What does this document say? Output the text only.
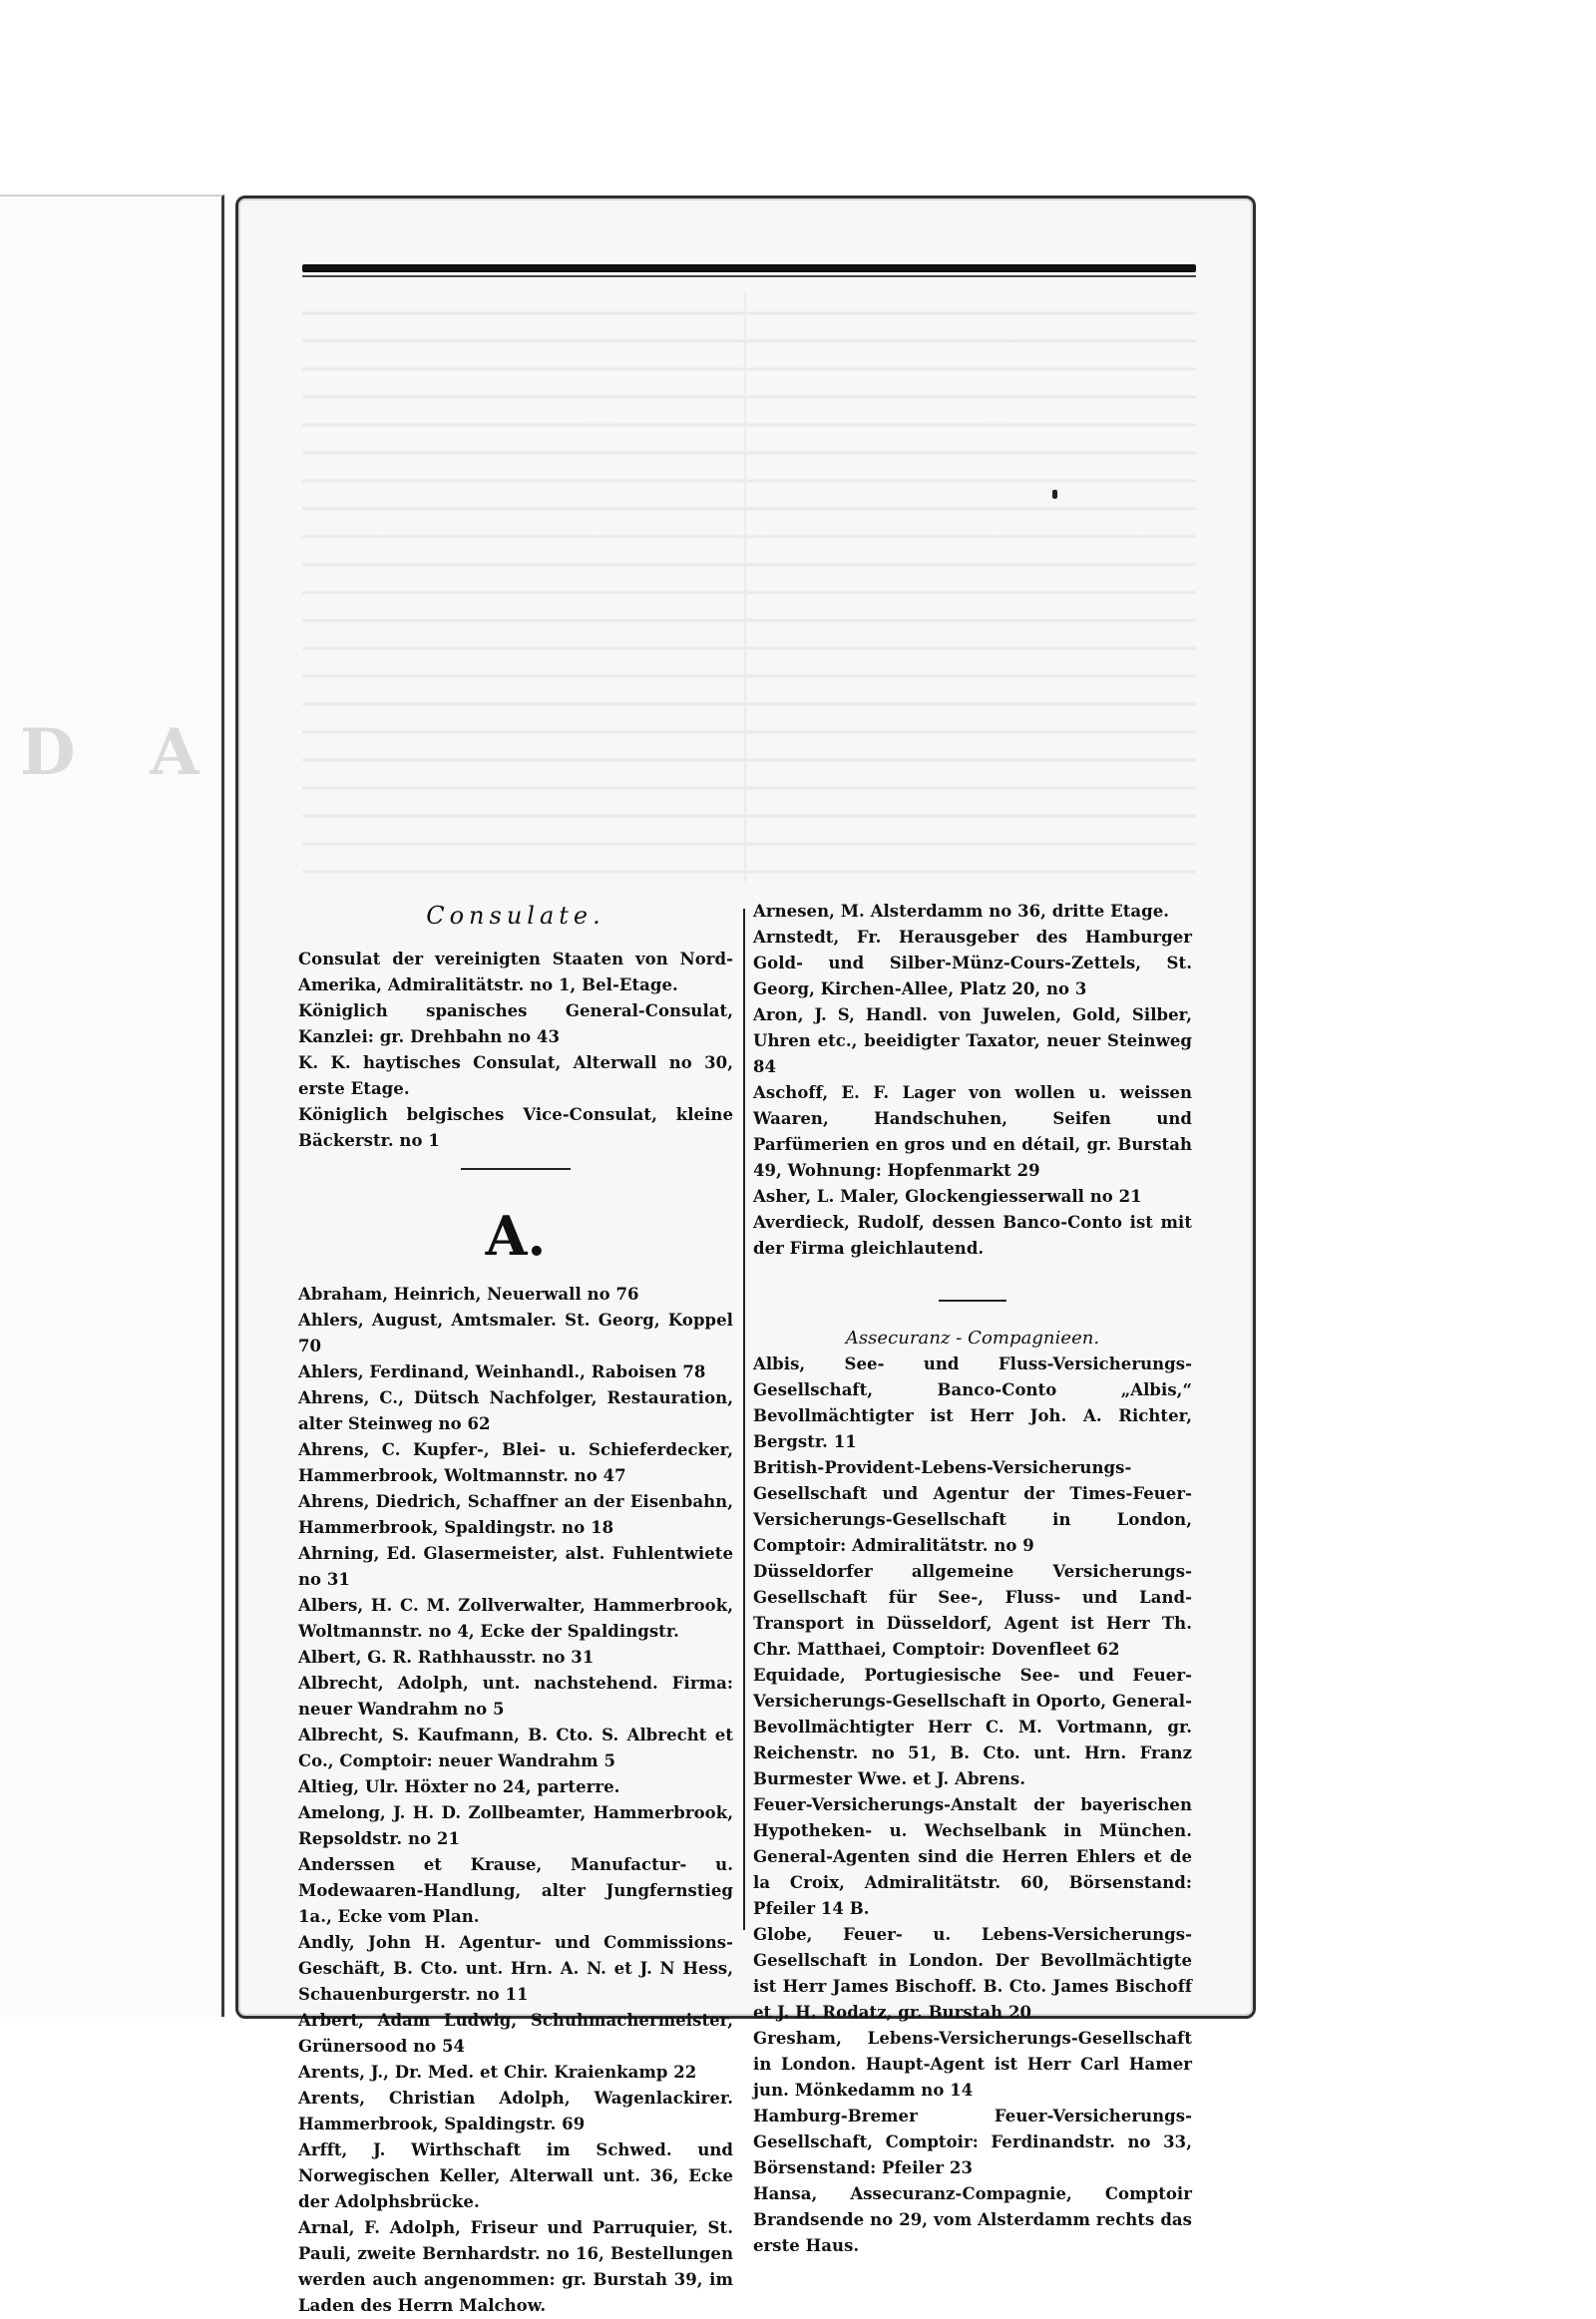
D A
Consulate.

Consulat der vereinigten Staaten von Nord-Amerika, Admiralitätstr. no 1, Bel-Etage.

Königlich spanisches General-Consulat, Kanzlei: gr. Drehbahn no 43

K. K. haytisches Consulat, Alterwall no 30, erste Etage.

Königlich belgisches Vice-Consulat, kleine Bäckerstr. no 1

A.

Abraham, Heinrich, Neuerwall no 76

Ahlers, August, Amtsmaler. St. Georg, Koppel 70

Ahlers, Ferdinand, Weinhandl., Raboisen 78

Ahrens, C., Dütsch Nachfolger, Restauration, alter Steinweg no 62

Ahrens, C. Kupfer-, Blei- u. Schieferdecker, Hammerbrook, Woltmannstr. no 47

Ahrens, Diedrich, Schaffner an der Eisenbahn, Hammerbrook, Spaldingstr. no 18

Ahrning, Ed. Glasermeister, alst. Fuhlentwiete no 31

Albers, H. C. M. Zollverwalter, Hammerbrook, Woltmannstr. no 4, Ecke der Spaldingstr.

Albert, G. R. Rathhausstr. no 31

Albrecht, Adolph, unt. nachstehend. Firma: neuer Wandrahm no 5

Albrecht, S. Kaufmann, B. Cto. S. Albrecht et Co., Comptoir: neuer Wandrahm 5

Altieg, Ulr. Höxter no 24, parterre.

Amelong, J. H. D. Zollbeamter, Hammerbrook, Repsoldstr. no 21

Anderssen et Krause, Manufactur- u. Modewaaren-Handlung, alter Jungfernstieg 1a., Ecke vom Plan.

Andly, John H. Agentur- und Commissions-Geschäft, B. Cto. unt. Hrn. A. N. et J. N Hess, Schauenburgerstr. no 11

Arbert, Adam Ludwig, Schuhmachermeister, Grünersood no 54

Arents, J., Dr. Med. et Chir. Kraienkamp 22

Arents, Christian Adolph, Wagenlackirer. Hammerbrook, Spaldingstr. 69

Arfft, J. Wirthschaft im Schwed. und Norwegischen Keller, Alterwall unt. 36, Ecke der Adolphsbrücke.

Arnal, F. Adolph, Friseur und Parruquier, St. Pauli, zweite Bernhardstr. no 16, Bestellungen werden auch angenommen: gr. Burstah 39, im Laden des Herrn Malchow.

Arnesen, M. Alsterdamm no 36, dritte Etage.

Arnstedt, Fr. Herausgeber des Hamburger Gold- und Silber-Münz-Cours-Zettels, St. Georg, Kirchen-Allee, Platz 20, no 3

Aron, J. S, Handl. von Juwelen, Gold, Silber, Uhren etc., beeidigter Taxator, neuer Steinweg 84

Aschoff, E. F. Lager von wollen u. weissen Waaren, Handschuhen, Seifen und Parfümerien en gros und en détail, gr. Burstah 49, Wohnung: Hopfenmarkt 29

Asher, L. Maler, Glockengiesserwall no 21

Averdieck, Rudolf, dessen Banco-Conto ist mit der Firma gleichlautend.

Assecuranz - Compagnieen.

Albis, See- und Fluss-Versicherungs-Gesellschaft, Banco-Conto „Albis,“ Bevollmächtigter ist Herr Joh. A. Richter, Bergstr. 11

British-Provident-Lebens-Versicherungs-Gesellschaft und Agentur der Times-Feuer-Versicherungs-Gesellschaft in London, Comptoir: Admiralitätstr. no 9

Düsseldorfer allgemeine Versicherungs-Gesellschaft für See-, Fluss- und Land-Transport in Düsseldorf, Agent ist Herr Th. Chr. Matthaei, Comptoir: Dovenfleet 62

Equidade, Portugiesische See- und Feuer-Versicherungs-Gesellschaft in Oporto, General-Bevollmächtigter Herr C. M. Vortmann, gr. Reichenstr. no 51, B. Cto. unt. Hrn. Franz Burmester Wwe. et J. Abrens.

Feuer-Versicherungs-Anstalt der bayerischen Hypotheken- u. Wechselbank in München. General-Agenten sind die Herren Ehlers et de la Croix, Admiralitätstr. 60, Börsenstand: Pfeiler 14 B.

Globe, Feuer- u. Lebens-Versicherungs-Gesellschaft in London. Der Bevollmächtigte ist Herr James Bischoff. B. Cto. James Bischoff et J. H. Rodatz, gr. Burstah 20

Gresham, Lebens-Versicherungs-Gesellschaft in London. Haupt-Agent ist Herr Carl Hamer jun. Mönkedamm no 14

Hamburg-Bremer Feuer-Versicherungs-Gesellschaft, Comptoir: Ferdinandstr. no 33, Börsenstand: Pfeiler 23

Hansa, Assecuranz-Compagnie, Comptoir Brandsende no 29, vom Alsterdamm rechts das erste Haus.
